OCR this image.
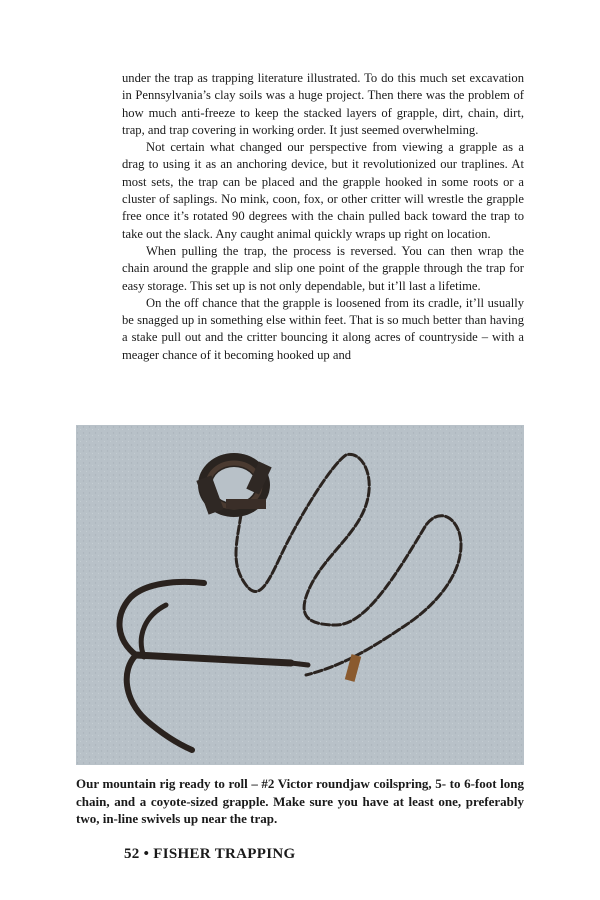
under the trap as trapping literature illustrated. To do this much set excavation in Pennsylvania’s clay soils was a huge project. Then there was the problem of how much anti-freeze to keep the stacked layers of grapple, dirt, chain, dirt, trap, and trap covering in working order. It just seemed overwhelming.

Not certain what changed our perspective from viewing a grapple as a drag to using it as an anchoring device, but it revolutionized our traplines. At most sets, the trap can be placed and the grapple hooked in some roots or a cluster of saplings. No mink, coon, fox, or other critter will wrestle the grapple free once it’s rotated 90 degrees with the chain pulled back toward the trap to take out the slack. Any caught animal quickly wraps up right on location.

When pulling the trap, the process is reversed. You can then wrap the chain around the grapple and slip one point of the grapple through the trap for easy storage. This set up is not only dependable, but it’ll last a lifetime.

On the off chance that the grapple is loosened from its cradle, it’ll usually be snagged up in something else within feet. That is so much better than having a stake pull out and the critter bouncing it along acres of countryside – with a meager chance of it becoming hooked up and

Our mountain rig ready to roll – #2 Victor roundjaw coilspring, 5- to 6-foot long chain, and a coyote-sized grapple. Make sure you have at least one, preferably two, in-line swivels up near the trap.
52 • FISHER TRAPPING
